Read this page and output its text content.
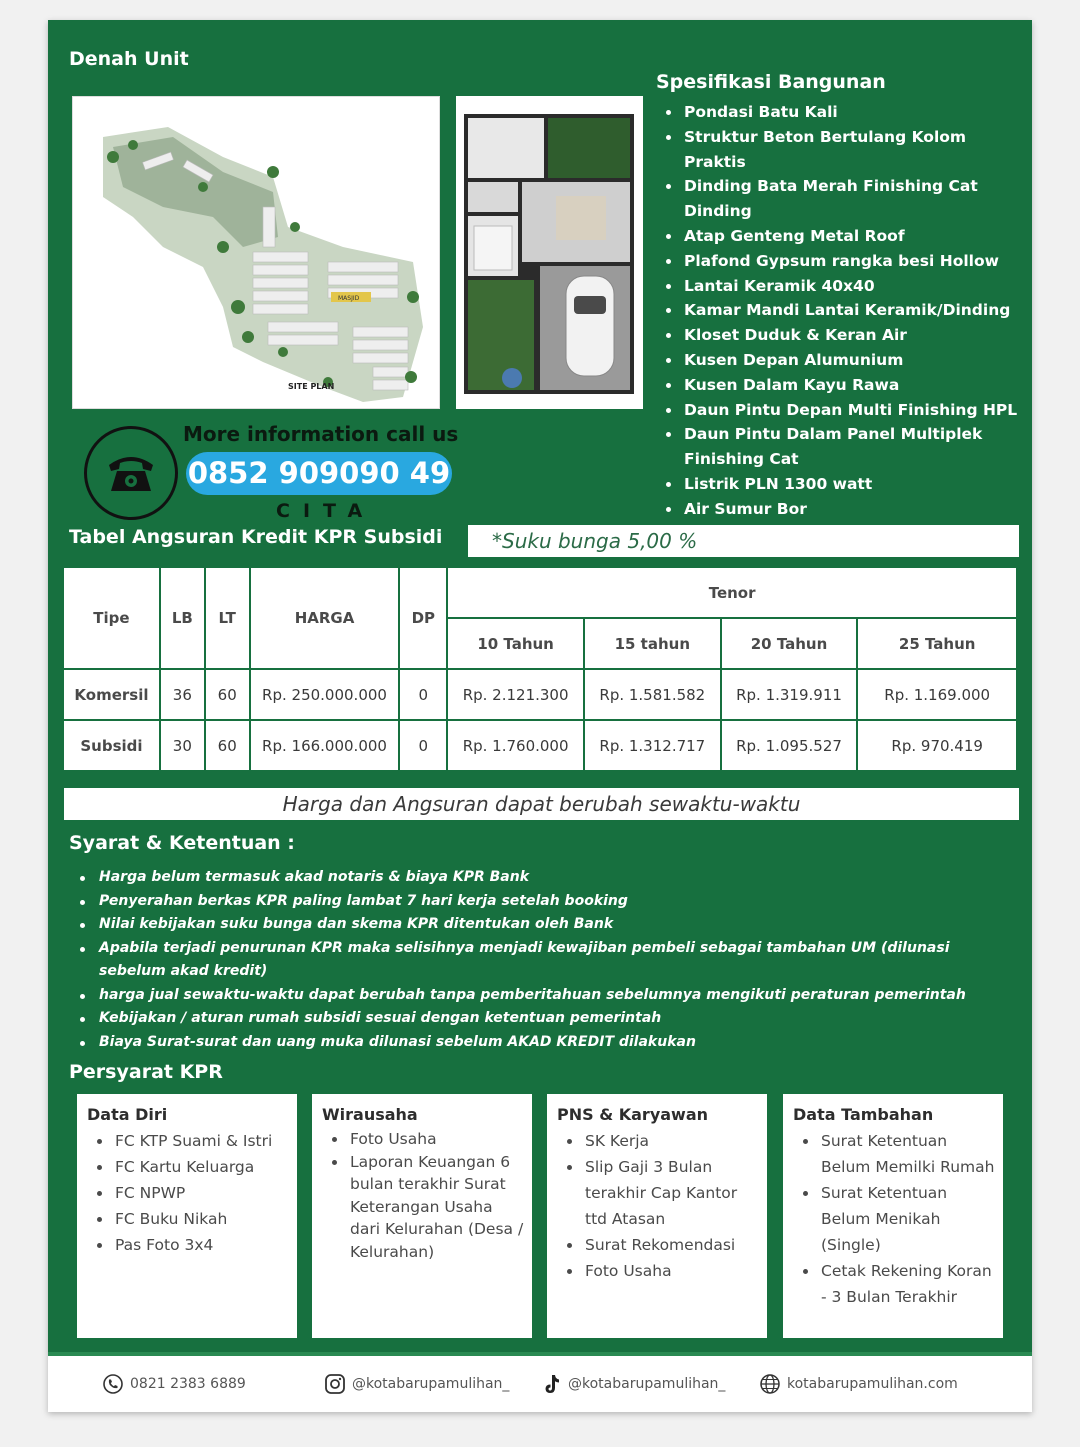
Denah Unit
MASJID
SITE PLAN
Spesifikasi Bangunan
Pondasi Batu Kali
Struktur Beton Bertulang Kolom Praktis
Dinding Bata Merah Finishing Cat Dinding
Atap Genteng Metal Roof
Plafond Gypsum rangka besi Hollow
Lantai Keramik 40x40
Kamar Mandi Lantai Keramik/Dinding
Kloset Duduk & Keran Air
Kusen Depan Alumunium
Kusen Dalam Kayu Rawa
Daun Pintu Depan Multi Finishing HPL
Daun Pintu Dalam Panel Multiplek Finishing Cat
Listrik PLN 1300 watt
Air Sumur Bor
More information call us
0852 909090 49
CITA
Tabel Angsuran Kredit KPR Subsidi	*Suku bunga 5,00 %
Tipe	LB	LT	HARGA	DP	Tenor			
					10 Tahun	15 tahun	20 Tahun	25 Tahun
Komersil	36	60	Rp. 250.000.000	0	Rp. 2.121.300	Rp. 1.581.582	Rp. 1.319.911	Rp. 1.169.000
Subsidi	30	60	Rp. 166.000.000	0	Rp. 1.760.000	Rp. 1.312.717	Rp. 1.095.527	Rp. 970.419
Harga dan Angsuran dapat berubah sewaktu-waktu
Syarat & Ketentuan :
Harga belum termasuk akad notaris & biaya KPR Bank
Penyerahan berkas KPR paling lambat 7 hari kerja setelah booking
Nilai kebijakan suku bunga dan skema KPR ditentukan oleh Bank
Apabila terjadi penurunan KPR maka selisihnya menjadi kewajiban pembeli sebagai tambahan UM (dilunasi sebelum akad kredit)
harga jual sewaktu-waktu dapat berubah tanpa pemberitahuan sebelumnya mengikuti peraturan pemerintah
Kebijakan / aturan rumah subsidi sesuai dengan ketentuan pemerintah
Biaya Surat-surat dan uang muka dilunasi sebelum AKAD KREDIT dilakukan
Persyarat KPR
Data Diri
FC KTP Suami & Istri
FC Kartu Keluarga
FC NPWP
FC Buku Nikah
Pas Foto 3x4
Wirausaha
Foto Usaha
Laporan Keuangan 6 bulan terakhir Surat Keterangan Usaha dari Kelurahan (Desa / Kelurahan)
PNS & Karyawan
SK Kerja
Slip Gaji 3 Bulan terakhir Cap Kantor ttd Atasan
Surat Rekomendasi
Foto Usaha
Data Tambahan
Surat Ketentuan Belum Memilki Rumah
Surat Ketentuan Belum Menikah (Single)
Cetak Rekening Koran - 3 Bulan Terakhir
0821 2383 6889	@kotabarupamulihan_	@kotabarupamulihan_	kotabarupamulihan.com
